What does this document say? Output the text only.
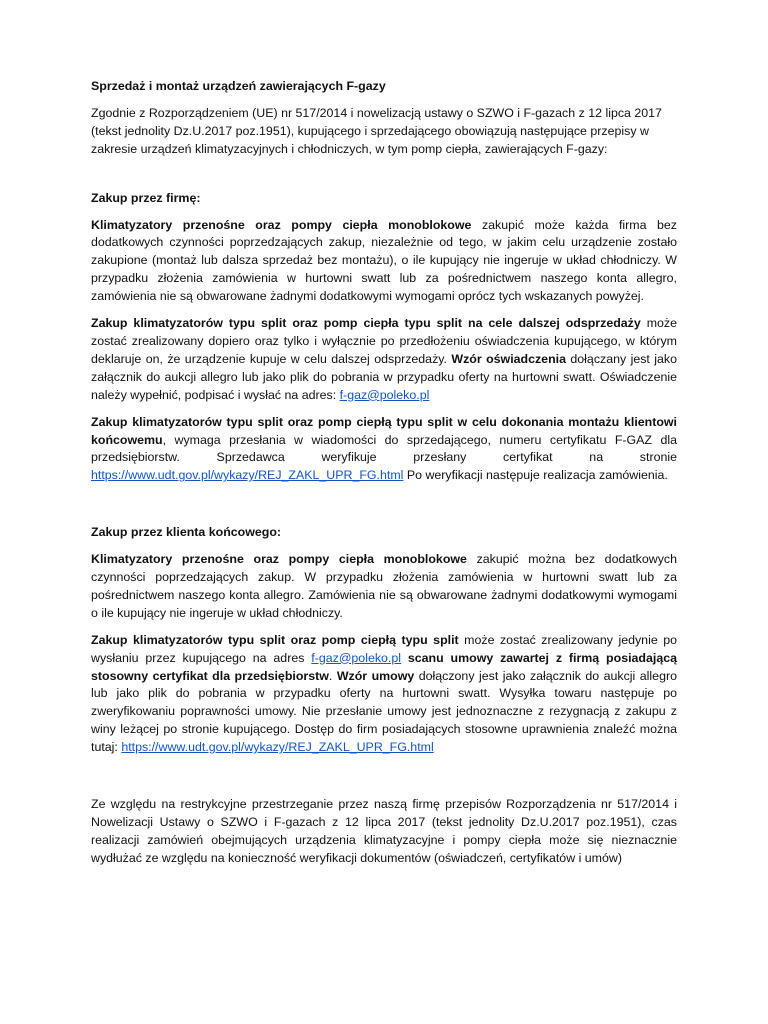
Sprzedaż i montaż urządzeń zawierających F-gazy

Zgodnie z Rozporządzeniem (UE) nr 517/2014 i nowelizacją ustawy o SZWO i F-gazach z 12 lipca 2017 (tekst jednolity Dz.U.2017 poz.1951), kupującego i sprzedającego obowiązują następujące przepisy w zakresie urządzeń klimatyzacyjnych i chłodniczych, w tym pomp ciepła, zawierających F-gazy:

Zakup przez firmę:

Klimatyzatory przenośne oraz pompy ciepła monoblokowe zakupić może każda firma bez dodatkowych czynności poprzedzających zakup, niezależnie od tego, w jakim celu urządzenie zostało zakupione (montaż lub dalsza sprzedaż bez montażu), o ile kupujący nie ingeruje w układ chłodniczy. W przypadku złożenia zamówienia w hurtowni swatt lub za pośrednictwem naszego konta allegro, zamówienia nie są obwarowane żadnymi dodatkowymi wymogami oprócz tych wskazanych powyżej.

Zakup klimatyzatorów typu split oraz pomp ciepła typu split na cele dalszej odsprzedaży może zostać zrealizowany dopiero oraz tylko i wyłącznie po przedłożeniu oświadczenia kupującego, w którym deklaruje on, że urządzenie kupuje w celu dalszej odsprzedaży. Wzór oświadczenia dołączany jest jako załącznik do aukcji allegro lub jako plik do pobrania w przypadku oferty na hurtowni swatt. Oświadczenie należy wypełnić, podpisać i wysłać na adres: f-gaz@poleko.pl

Zakup klimatyzatorów typu split oraz pomp ciepłą typu split w celu dokonania montażu klientowi końcowemu, wymaga przesłania w wiadomości do sprzedającego, numeru certyfikatu F-GAZ dla przedsiębiorstw. Sprzedawca weryfikuje przesłany certyfikat na stronie https://www.udt.gov.pl/wykazy/REJ_ZAKL_UPR_FG.html Po weryfikacji następuje realizacja zamówienia.

Zakup przez klienta końcowego:

Klimatyzatory przenośne oraz pompy ciepła monoblokowe zakupić można bez dodatkowych czynności poprzedzających zakup. W przypadku złożenia zamówienia w hurtowni swatt lub za pośrednictwem naszego konta allegro. Zamówienia nie są obwarowane żadnymi dodatkowymi wymogami o ile kupujący nie ingeruje w układ chłodniczy.

Zakup klimatyzatorów typu split oraz pomp ciepłą typu split może zostać zrealizowany jedynie po wysłaniu przez kupującego na adres f-gaz@poleko.pl scanu umowy zawartej z firmą posiadającą stosowny certyfikat dla przedsiębiorstw. Wzór umowy dołączony jest jako załącznik do aukcji allegro lub jako plik do pobrania w przypadku oferty na hurtowni swatt. Wysyłka towaru następuje po zweryfikowaniu poprawności umowy. Nie przesłanie umowy jest jednoznaczne z rezygnacją z zakupu z winy leżącej po stronie kupującego. Dostęp do firm posiadających stosowne uprawnienia znaleźć można tutaj: https://www.udt.gov.pl/wykazy/REJ_ZAKL_UPR_FG.html

Ze względu na restrykcyjne przestrzeganie przez naszą firmę przepisów Rozporządzenia nr 517/2014 i Nowelizacji Ustawy o SZWO i F-gazach z 12 lipca 2017 (tekst jednolity Dz.U.2017 poz.1951), czas realizacji zamówień obejmujących urządzenia klimatyzacyjne i pompy ciepła może się nieznacznie wydłużać ze względu na konieczność weryfikacji dokumentów (oświadczeń, certyfikatów i umów)
